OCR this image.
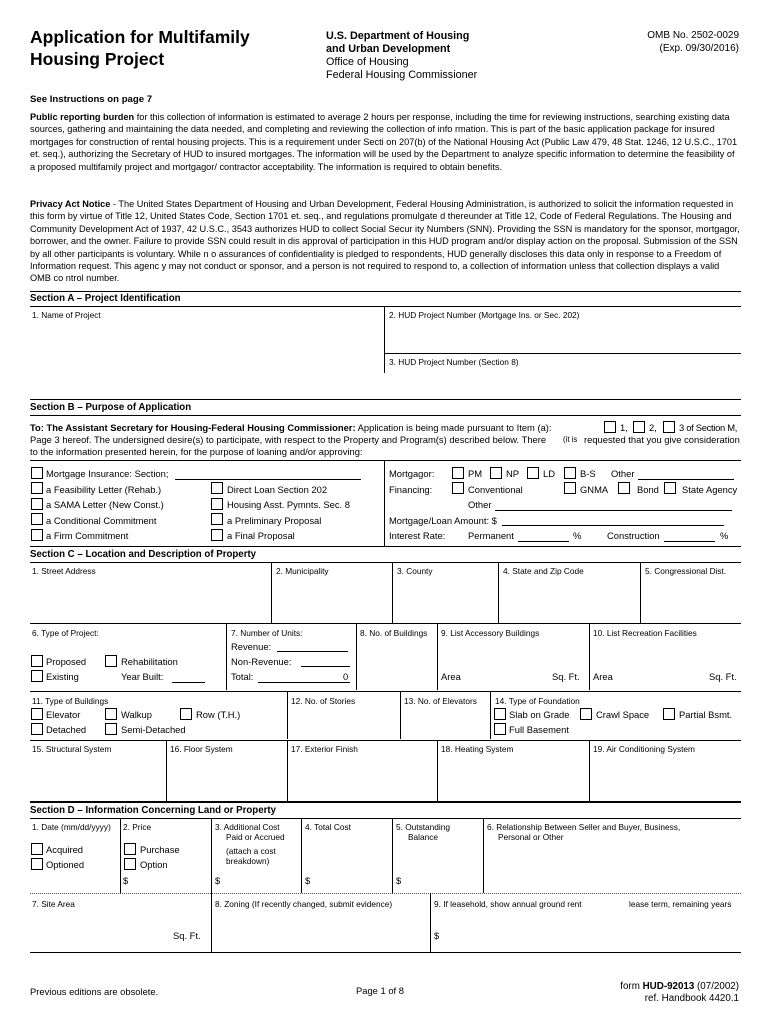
Application for Multifamily
Housing Project
U.S. Department of Housing
and Urban Development
Office of Housing
Federal Housing Commissioner
OMB No. 2502-0029
(Exp. 09/30/2016)
See Instructions on page 7
Public reporting burden for this collection of information is estimated to average 2 hours per response, including the time for reviewing instructions, searching existing data sources, gathering and maintaining the data needed, and completing and reviewing the collection of info rmation. This is part of the basic application package for insured mortgages for construction of rental housing projects. This is a requirement under Secti on 207(b) of the National Housing Act (Public Law 479, 48 Stat. 1246, 12 U.S.C., 1701 et. seq.), authorizing the Secretary of HUD to insured mortgages. The information will be used by the Department to analyze specific information to determine the feasibility of a proposed multifamily project and mortgagor/ contractor acceptability. The information is required to obtain benefits.
Privacy Act Notice - The United States Department of Housing and Urban Development, Federal Housing Administration, is authorized to solicit the information requested in this form by virtue of Title 12, United States Code, Section 1701 et. seq., and regulations promulgate d thereunder at Title 12, Code of Federal Regulations. The Housing and Community Development Act of 1937, 42 U.S.C., 3543 authorizes HUD to collect Social Secur ity Numbers (SNN). Providing the SSN is mandatory for the sponsor, mortgagor, borrower, and the owner. Failure to provide SSN could result in dis approval of participation in this HUD program and/or display action on the proposal. Submission of the SSN by all other participants is voluntary. While n o assurances of confidentiality is pledged to respondents, HUD generally discloses this data only in response to a Freedom of Information request. This agenc y may not conduct or sponsor, and a person is not required to respond to, a collection of information unless that collection displays a valid OMB co ntrol number.
Section A – Project Identification
1. Name of Project	2. HUD Project Number (Mortgage Ins. or Sec. 202)
3. HUD Project Number (Section 8)
Section B – Purpose of Application
To: The Assistant Secretary for Housing-Federal Housing Commissioner: Application is being made pursuant to Item (a):	1, 2, 3 of Section M,
Page 3 hereof. The undersigned desire(s) to participate, with respect to the Property and Program(s) described below. There (it is requested that you give consideration
to the information presented herein, for the purpose of loaning and/or approving:
Mortgage Insurance: Section;
a Feasibility Letter (Rehab.)
a SAMA Letter (New Const.)
a Conditional Commitment
a Firm Commitment
Direct Loan Section 202
Housing Asst. Pymnts. Sec. 8
a Preliminary Proposal
a Final Proposal
Mortgagor:	PM	NP	LD	B-S Other
Financing:	Conventional	GNMA	Bond State Agency
Other
Mortgage/Loan Amount: $
Interest Rate: Permanent	%	Construction	%
Section C – Location and Description of Property
1. Street Address	2. Municipality	3. County	4. State and Zip Code	5. Congressional Dist.
6. Type of Project:
Proposed	Rehabilitation
Existing	Year Built:
7. Number of Units:
Revenue:
Non-Revenue:
Total:	0
8. No. of Buildings 9. List Accessory Buildings
Area	Sq. Ft.
10. List Recreation Facilities
Area	Sq. Ft.
11. Type of Buildings
Elevator	Walkup	Row (T.H.)
Detached	Semi-Detached
12. No. of Stories	13. No. of Elevators 14. Type of Foundation
Slab on Grade	Crawl Space	Partial Bsmt.
Full Basement
15. Structural System	16. Floor System	17. Exterior Finish	18. Heating System	19. Air Conditioning System
Section D – Information Concerning Land or Property
1. Date (mm/dd/yyyy)
Acquired
Optioned
2. Price
Purchase
Option
$
3. Additional Cost
Paid or Accrued
(attach a cost
breakdown)
$
4. Total Cost
$
5. Outstanding
Balance
$
6. Relationship Between Seller and Buyer, Business,
Personal or Other
7. Site Area
Sq. Ft.
8. Zoning (If recently changed, submit evidence)	9. If leasehold, show annual ground rent	lease term, remaining years
$
Previous editions are obsolete.	Page 1 of 8	form HUD-92013 (07/2002)
ref. Handbook 4420.1
